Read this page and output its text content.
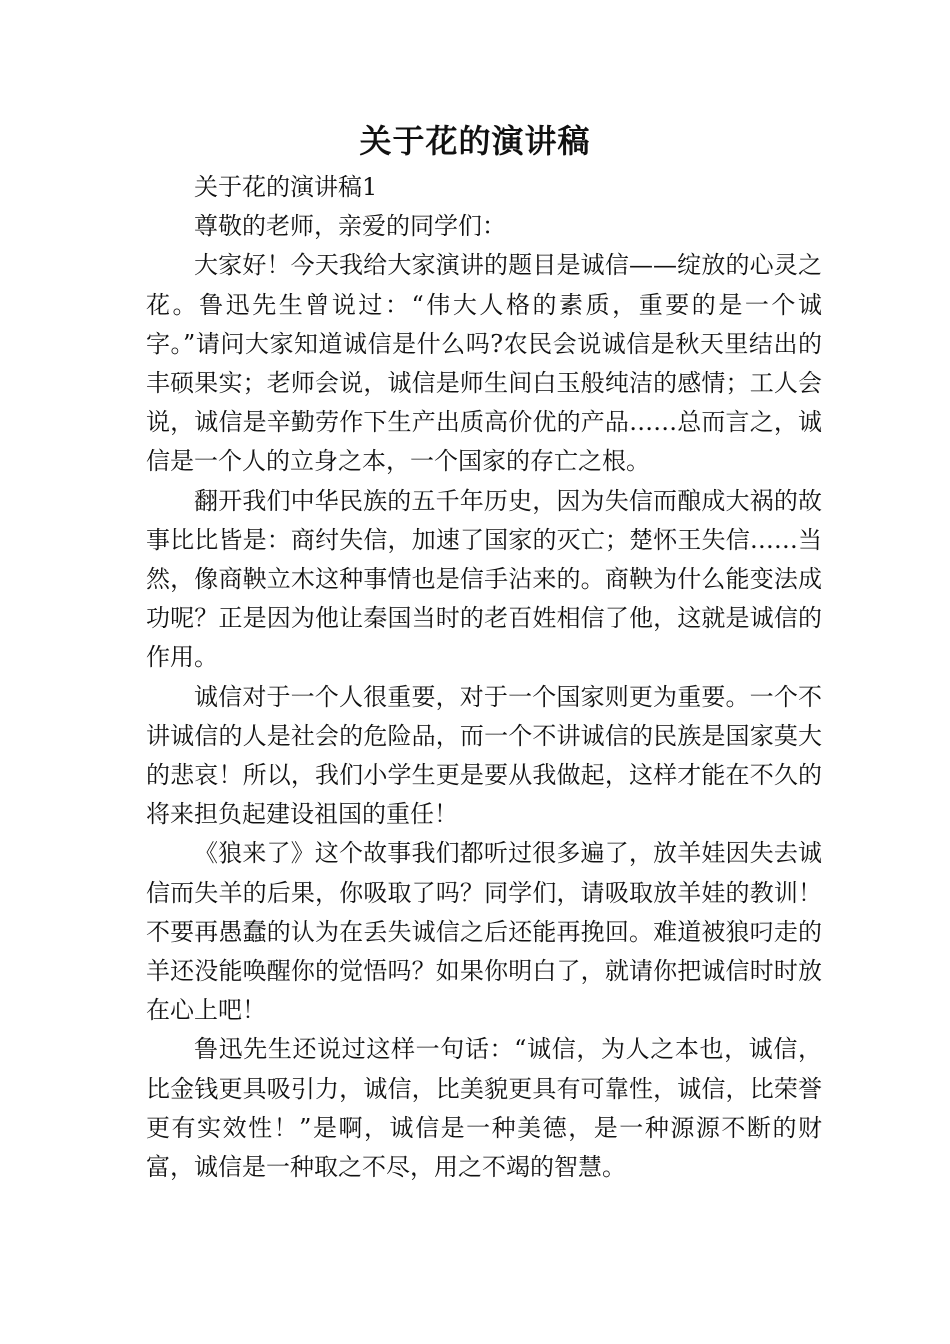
关于花的演讲稿

关于花的演讲稿1

尊敬的老师，亲爱的同学们：

大家好！今天我给大家演讲的题目是诚信——绽放的心灵之花。鲁迅先生曾说过：“伟大人格的素质，重要的是一个诚字。”请问大家知道诚信是什么吗?农民会说诚信是秋天里结出的丰硕果实；老师会说，诚信是师生间白玉般纯洁的感情；工人会说，诚信是辛勤劳作下生产出质高价优的产品……总而言之，诚信是一个人的立身之本，一个国家的存亡之根。

翻开我们中华民族的五千年历史，因为失信而酿成大祸的故事比比皆是：商纣失信，加速了国家的灭亡；楚怀王失信……当然，像商鞅立木这种事情也是信手沾来的。商鞅为什么能变法成功呢？正是因为他让秦国当时的老百姓相信了他，这就是诚信的作用。

诚信对于一个人很重要，对于一个国家则更为重要。一个不讲诚信的人是社会的危险品，而一个不讲诚信的民族是国家莫大的悲哀！所以，我们小学生更是要从我做起，这样才能在不久的将来担负起建设祖国的重任！

《狼来了》这个故事我们都听过很多遍了，放羊娃因失去诚信而失羊的后果，你吸取了吗？同学们，请吸取放羊娃的教训！不要再愚蠢的认为在丢失诚信之后还能再挽回。难道被狼叼走的羊还没能唤醒你的觉悟吗？如果你明白了，就请你把诚信时时放在心上吧！

鲁迅先生还说过这样一句话：“诚信，为人之本也，诚信，比金钱更具吸引力，诚信，比美貌更具有可靠性，诚信，比荣誉更有实效性！”是啊，诚信是一种美德，是一种源源不断的财富，诚信是一种取之不尽，用之不竭的智慧。
